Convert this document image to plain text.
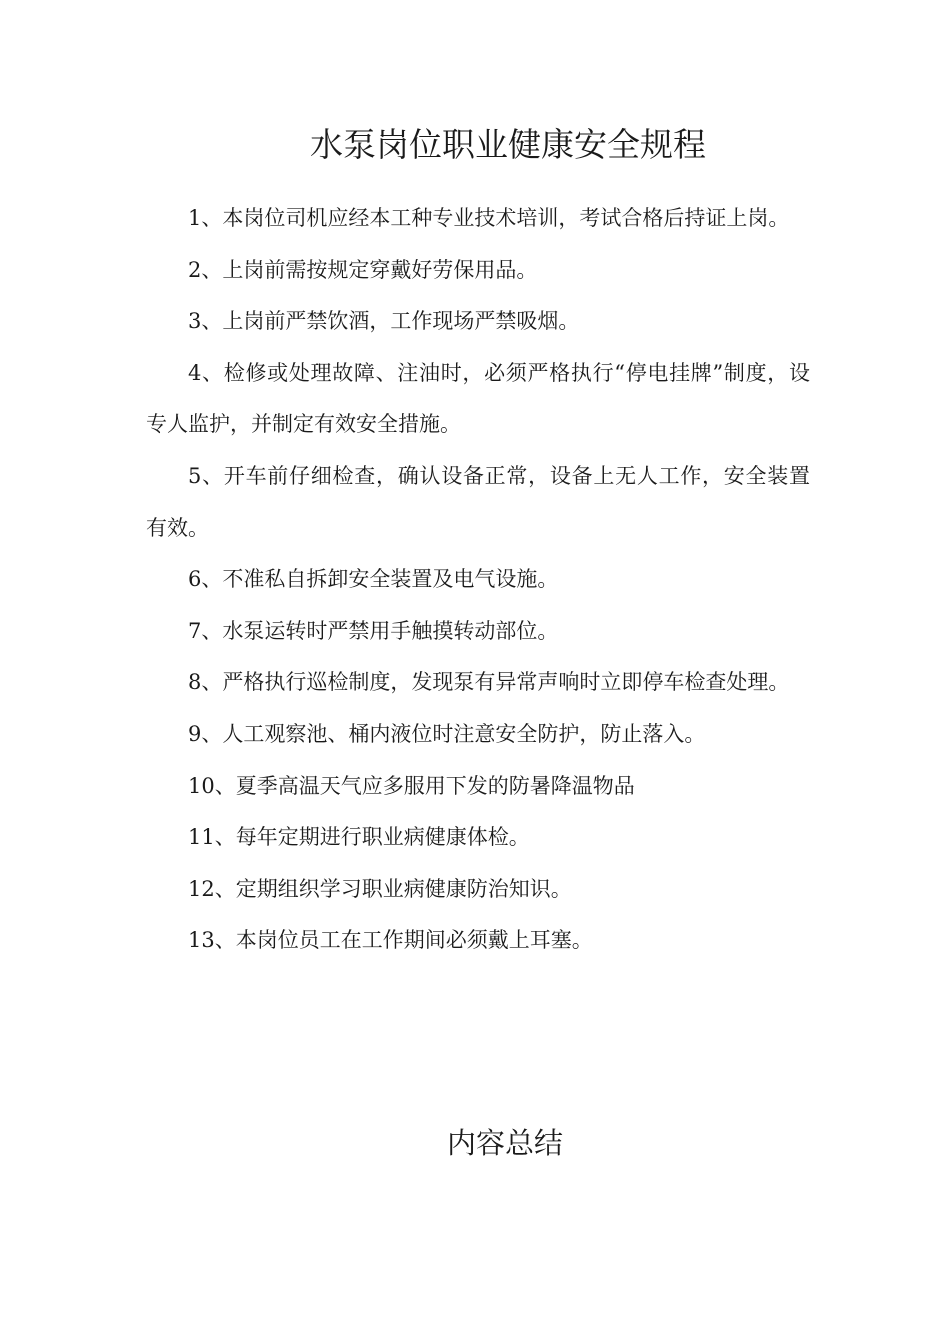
水泵岗位职业健康安全规程
1、本岗位司机应经本工种专业技术培训，考试合格后持证上岗。
2、上岗前需按规定穿戴好劳保用品。
3、上岗前严禁饮酒，工作现场严禁吸烟。
4、检修或处理故障、注油时，必须严格执行“停电挂牌”制度，设专人监护，并制定有效安全措施。
5、开车前仔细检查，确认设备正常，设备上无人工作，安全装置有效。
6、不准私自拆卸安全装置及电气设施。
7、水泵运转时严禁用手触摸转动部位。
8、严格执行巡检制度，发现泵有异常声响时立即停车检查处理。
9、人工观察池、桶内液位时注意安全防护，防止落入。
10、夏季高温天气应多服用下发的防暑降温物品
11、每年定期进行职业病健康体检。
12、定期组织学习职业病健康防治知识。
13、本岗位员工在工作期间必须戴上耳塞。
内容总结
